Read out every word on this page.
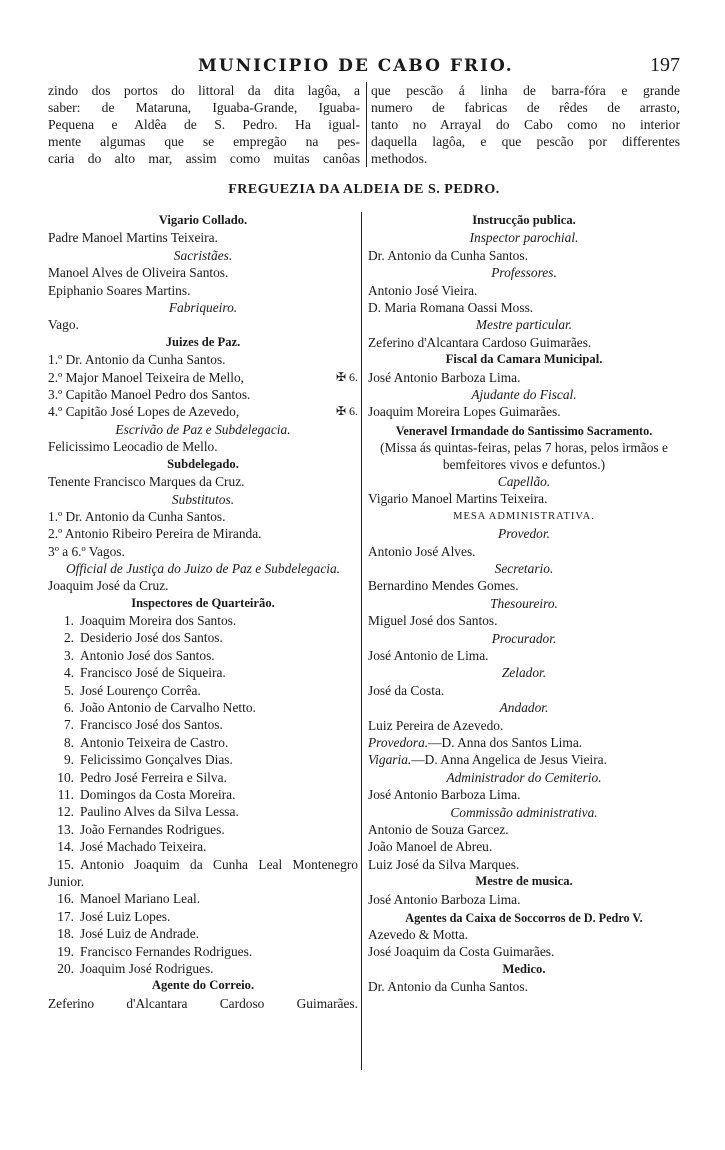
MUNICIPIO DE CABO FRIO.	197
zindo dos portos do littoral da dita lagôa, a
saber: de Mataruna, Iguaba-Grande, Iguaba-
Pequena e Aldêa de S. Pedro. Ha igual-
mente algumas que se empregão na pes-
caria do alto mar, assim como muitas canôas
que pescão á linha de barra-fóra e grande
numero de fabricas de rêdes de arrasto,
tanto no Arrayal do Cabo como no interior
daquella lagôa, e que pescão por differentes
methodos.
FREGUEZIA DA ALDEIA DE S. PEDRO.
Vigario Collado.
Padre Manoel Martins Teixeira.
Sacristães.
Manoel Alves de Oliveira Santos.
Epiphanio Soares Martins.
Fabriqueiro.
Vago.
Juizes de Paz.
1.º Dr. Antonio da Cunha Santos.
2.º Major Manoel Teixeira de Mello,	✠ 6.
3.º Capitão Manoel Pedro dos Santos.
4.º Capitão José Lopes de Azevedo,	✠ 6.
Escrivão de Paz e Subdelegacia.
Felicissimo Leocadio de Mello.
Subdelegado.
Tenente Francisco Marques da Cruz.
Substitutos.
1.º Dr. Antonio da Cunha Santos.
2.º Antonio Ribeiro Pereira de Miranda.
3º a 6.º Vagos.
Official de Justiça do Juizo de Paz e Subdelegacia.
Joaquim José da Cruz.
Inspectores de Quarteirão.
1. Joaquim Moreira dos Santos.
2. Desiderio José dos Santos.
3. Antonio José dos Santos.
4. Francisco José de Siqueira.
5. José Lourenço Corrêa.
6. João Antonio de Carvalho Netto.
7. Francisco José dos Santos.
8. Antonio Teixeira de Castro.
9. Felicissimo Gonçalves Dias.
10. Pedro José Ferreira e Silva.
11. Domingos da Costa Moreira.
12. Paulino Alves da Silva Lessa.
13. João Fernandes Rodrigues.
14. José Machado Teixeira.
15. Antonio Joaquim da Cunha Leal Montenegro Junior.
16. Manoel Mariano Leal.
17. José Luiz Lopes.
18. José Luiz de Andrade.
19. Francisco Fernandes Rodrigues.
20. Joaquim José Rodrigues.
Agente do Correio.
Zeferino d'Alcantara Cardoso Guimarães.
Instrucção publica.
Inspector parochial.
Dr. Antonio da Cunha Santos.
Professores.
Antonio José Vieira.
D. Maria Romana Oassi Moss.
Mestre particular.
Zeferino d'Alcantara Cardoso Guimarães.
Fiscal da Camara Municipal.
José Antonio Barboza Lima.
Ajudante do Fiscal.
Joaquim Moreira Lopes Guimarães.
Veneravel Irmandade do Santissimo Sacramento.
(Missa ás quintas-feiras, pelas 7 horas, pelos irmãos e bemfeitores vivos e defuntos.)
Capellão.
Vigario Manoel Martins Teixeira.
MESA ADMINISTRATIVA.
Provedor.
Antonio José Alves.
Secretario.
Bernardino Mendes Gomes.
Thesoureiro.
Miguel José dos Santos.
Procurador.
José Antonio de Lima.
Zelador.
José da Costa.
Andador.
Luiz Pereira de Azevedo.
Provedora.—D. Anna dos Santos Lima.
Vigaria.—D. Anna Angelica de Jesus Vieira.
Administrador do Cemiterio.
José Antonio Barboza Lima.
Commissão administrativa.
Antonio de Souza Garcez.
João Manoel de Abreu.
Luiz José da Silva Marques.
Mestre de musica.
José Antonio Barboza Lima.
Agentes da Caixa de Soccorros de D. Pedro V.
Azevedo & Motta.
José Joaquim da Costa Guimarães.
Medico.
Dr. Antonio da Cunha Santos.
